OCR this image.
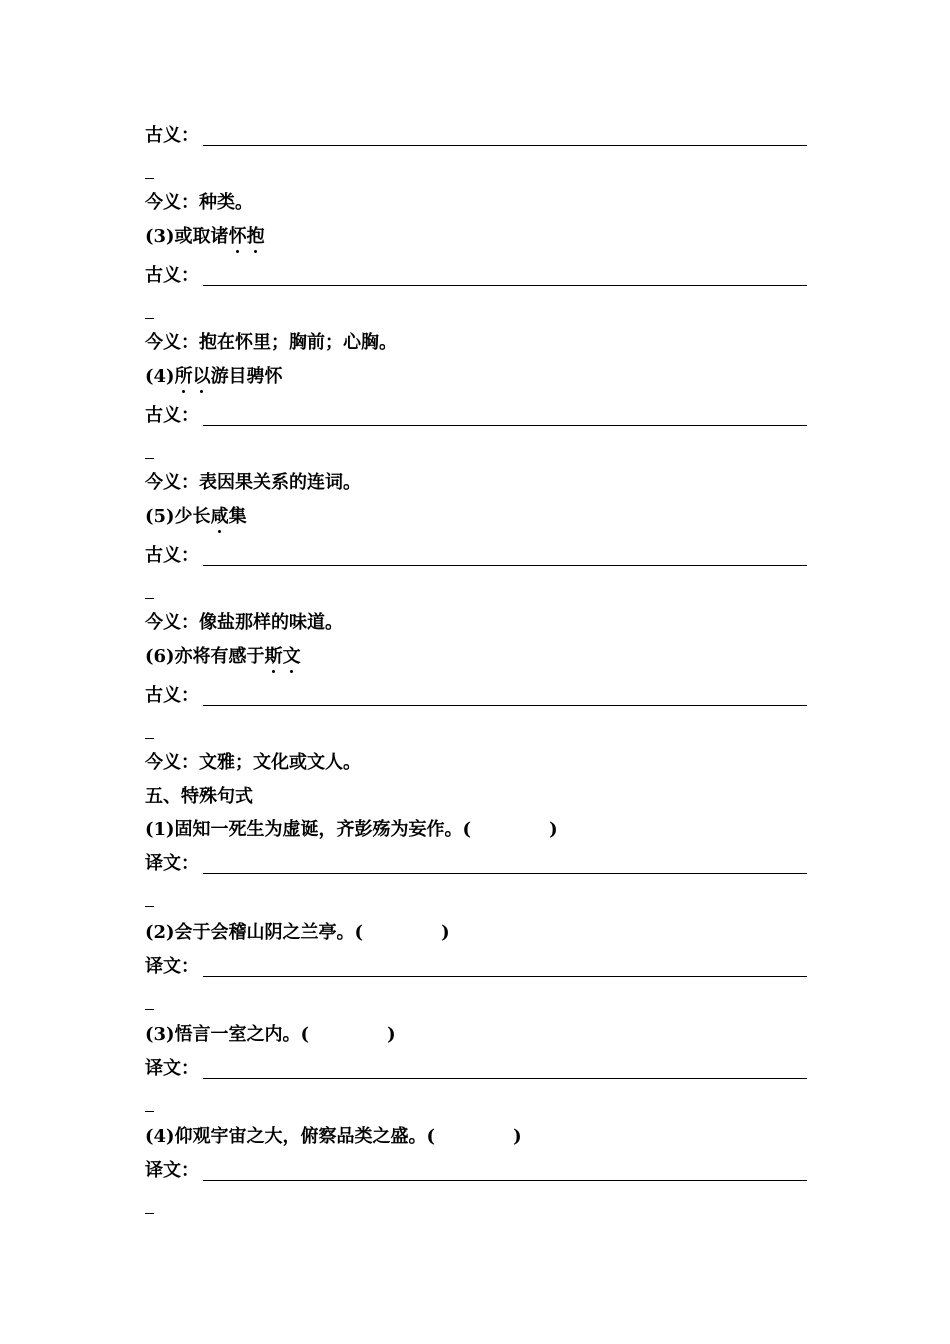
古义：
今义：种类。
(3)或取诸怀抱
古义：
今义：抱在怀里；胸前；心胸。
(4)所以游目骋怀
古义：
今义：表因果关系的连词。
(5)少长咸集
古义：
今义：像盐那样的味道。
(6)亦将有感于斯文
古义：
今义：文雅；文化或文人。
五、特殊句式
(1)固知一死生为虚诞，齐彭殇为妄作。(	)
译文：
(2)会于会稽山阴之兰亭。(	)
译文：
(3)悟言一室之内。(	)
译文：
(4)仰观宇宙之大，俯察品类之盛。(	)
译文：
